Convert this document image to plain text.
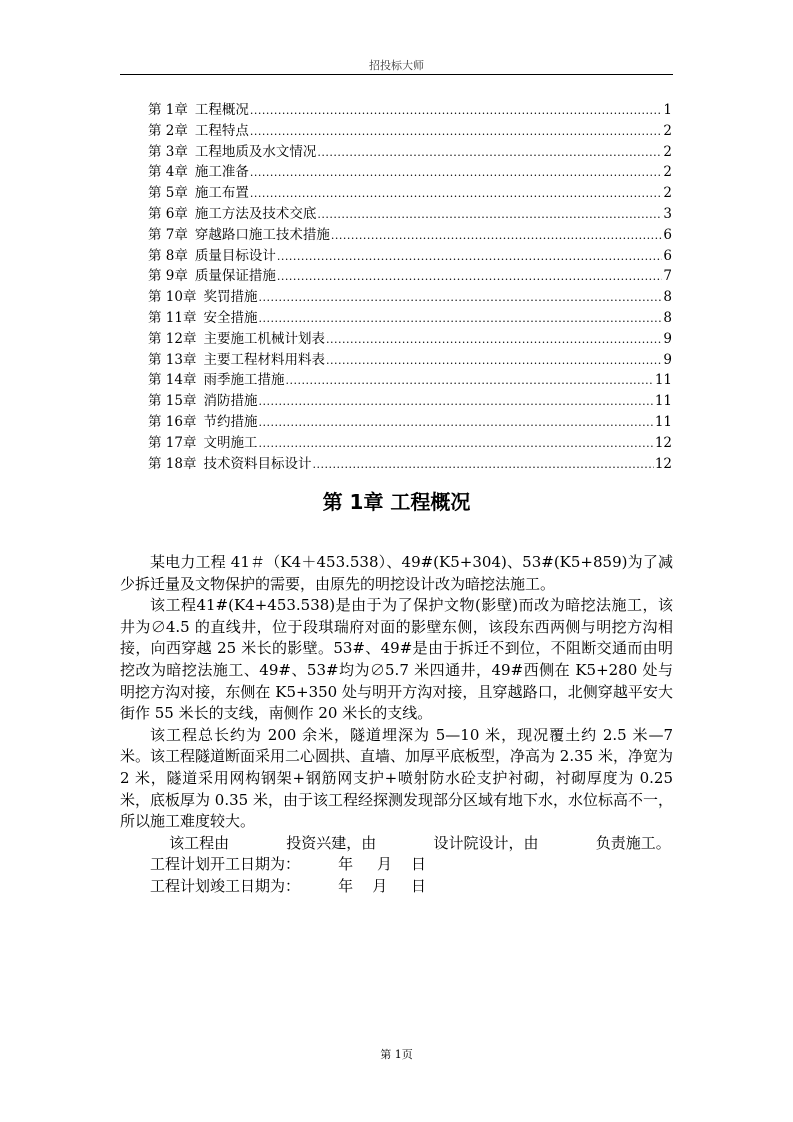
招投标大师
第 1章 工程概况 .....	1
第 2章 工程特点 .....	2
第 3章 工程地质及水文情况 .....	2
第 4章 施工准备 .....	2
第 5章 施工布置 .....	2
第 6章 施工方法及技术交底 .....	3
第 7章 穿越路口施工技术措施 .....	6
第 8章 质量目标设计 .....	6
第 9章 质量保证措施 .....	7
第 10章 奖罚措施 .....	8
第 11章 安全措施 .....	8
第 12章 主要施工机械计划表 .....	9
第 13章 主要工程材料用料表 .....	9
第 14章 雨季施工措施 .....	11
第 15章 消防措施 .....	11
第 16章 节约措施 .....	11
第 17章 文明施工 .....	12
第 18章 技术资料目标设计 .....	12
第 1章 工程概况

某电力工程 41＃（K4＋453.538）、49#(K5+304)、53#(K5+859)为了减少拆迁量及文物保护的需要，由原先的明挖设计改为暗挖法施工。

该工程41#(K4+453.538)是由于为了保护文物(影壁)而改为暗挖法施工，该井为∅4.5 的直线井，位于段琪瑞府对面的影壁东侧，该段东西两侧与明挖方沟相接，向西穿越 25 米长的影壁。53#、49#是由于拆迁不到位，不阻断交通而由明挖改为暗挖法施工、49#、53#均为∅5.7 米四通井，49#西侧在 K5+280 处与明挖方沟对接，东侧在 K5+350 处与明开方沟对接，且穿越路口，北侧穿越平安大街作 55 米长的支线，南侧作 20 米长的支线。

该工程总长约为 200 余米，隧道埋深为 5—10 米，现况覆土约 2.5 米—7 米。该工程隧道断面采用二心圆拱、直墙、加厚平底板型，净高为 2.35 米，净宽为 2 米，隧道采用网构钢架+钢筋网支护+喷射防水砼支护衬砌，衬砌厚度为 0.25 米，底板厚为 0.35 米，由于该工程经探测发现部分区域有地下水，水位标高不一，所以施工难度较大。

该工程由            投资兴建，由            设计院设计，由            负责施工。

工程计划开工日期为：        年     月    日

工程计划竣工日期为：        年    月     日

第 1页
